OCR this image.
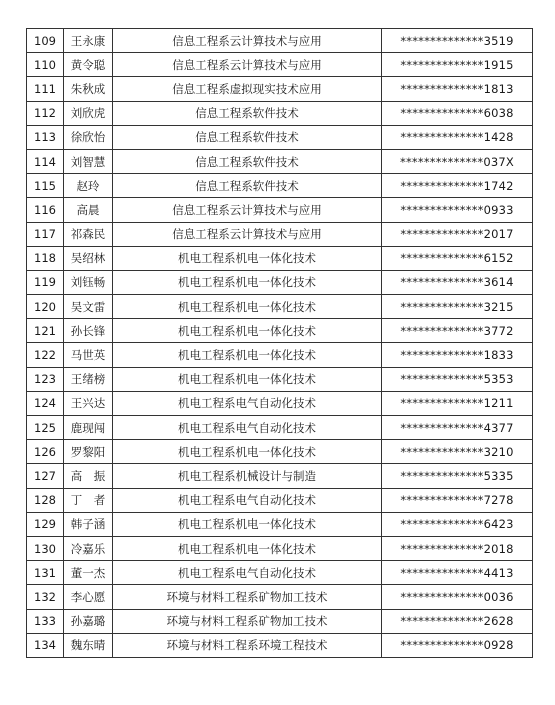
109	王永康	信息工程系云计算技术与应用	**************3519
110	黄令聪	信息工程系云计算技术与应用	**************1915
111	朱秋成	信息工程系虚拟现实技术应用	**************1813
112	刘欣虎	信息工程系软件技术	**************6038
113	徐欣怡	信息工程系软件技术	**************1428
114	刘智慧	信息工程系软件技术	**************037X
115	赵玲	信息工程系软件技术	**************1742
116	高晨	信息工程系云计算技术与应用	**************0933
117	祁森民	信息工程系云计算技术与应用	**************2017
118	吴绍林	机电工程系机电一体化技术	**************6152
119	刘钰畅	机电工程系机电一体化技术	**************3614
120	吴文雷	机电工程系机电一体化技术	**************3215
121	孙长锋	机电工程系机电一体化技术	**************3772
122	马世英	机电工程系机电一体化技术	**************1833
123	王绪榜	机电工程系机电一体化技术	**************5353
124	王兴达	机电工程系电气自动化技术	**************1211
125	鹿现闯	机电工程系电气自动化技术	**************4377
126	罗黎阳	机电工程系机电一体化技术	**************3210
127	高　振	机电工程系机械设计与制造	**************5335
128	丁　者	机电工程系电气自动化技术	**************7278
129	韩子涵	机电工程系机电一体化技术	**************6423
130	冷嘉乐	机电工程系机电一体化技术	**************2018
131	董一杰	机电工程系电气自动化技术	**************4413
132	李心愿	环境与材料工程系矿物加工技术	**************0036
133	孙嘉璐	环境与材料工程系矿物加工技术	**************2628
134	魏东晴	环境与材料工程系环境工程技术	**************0928
